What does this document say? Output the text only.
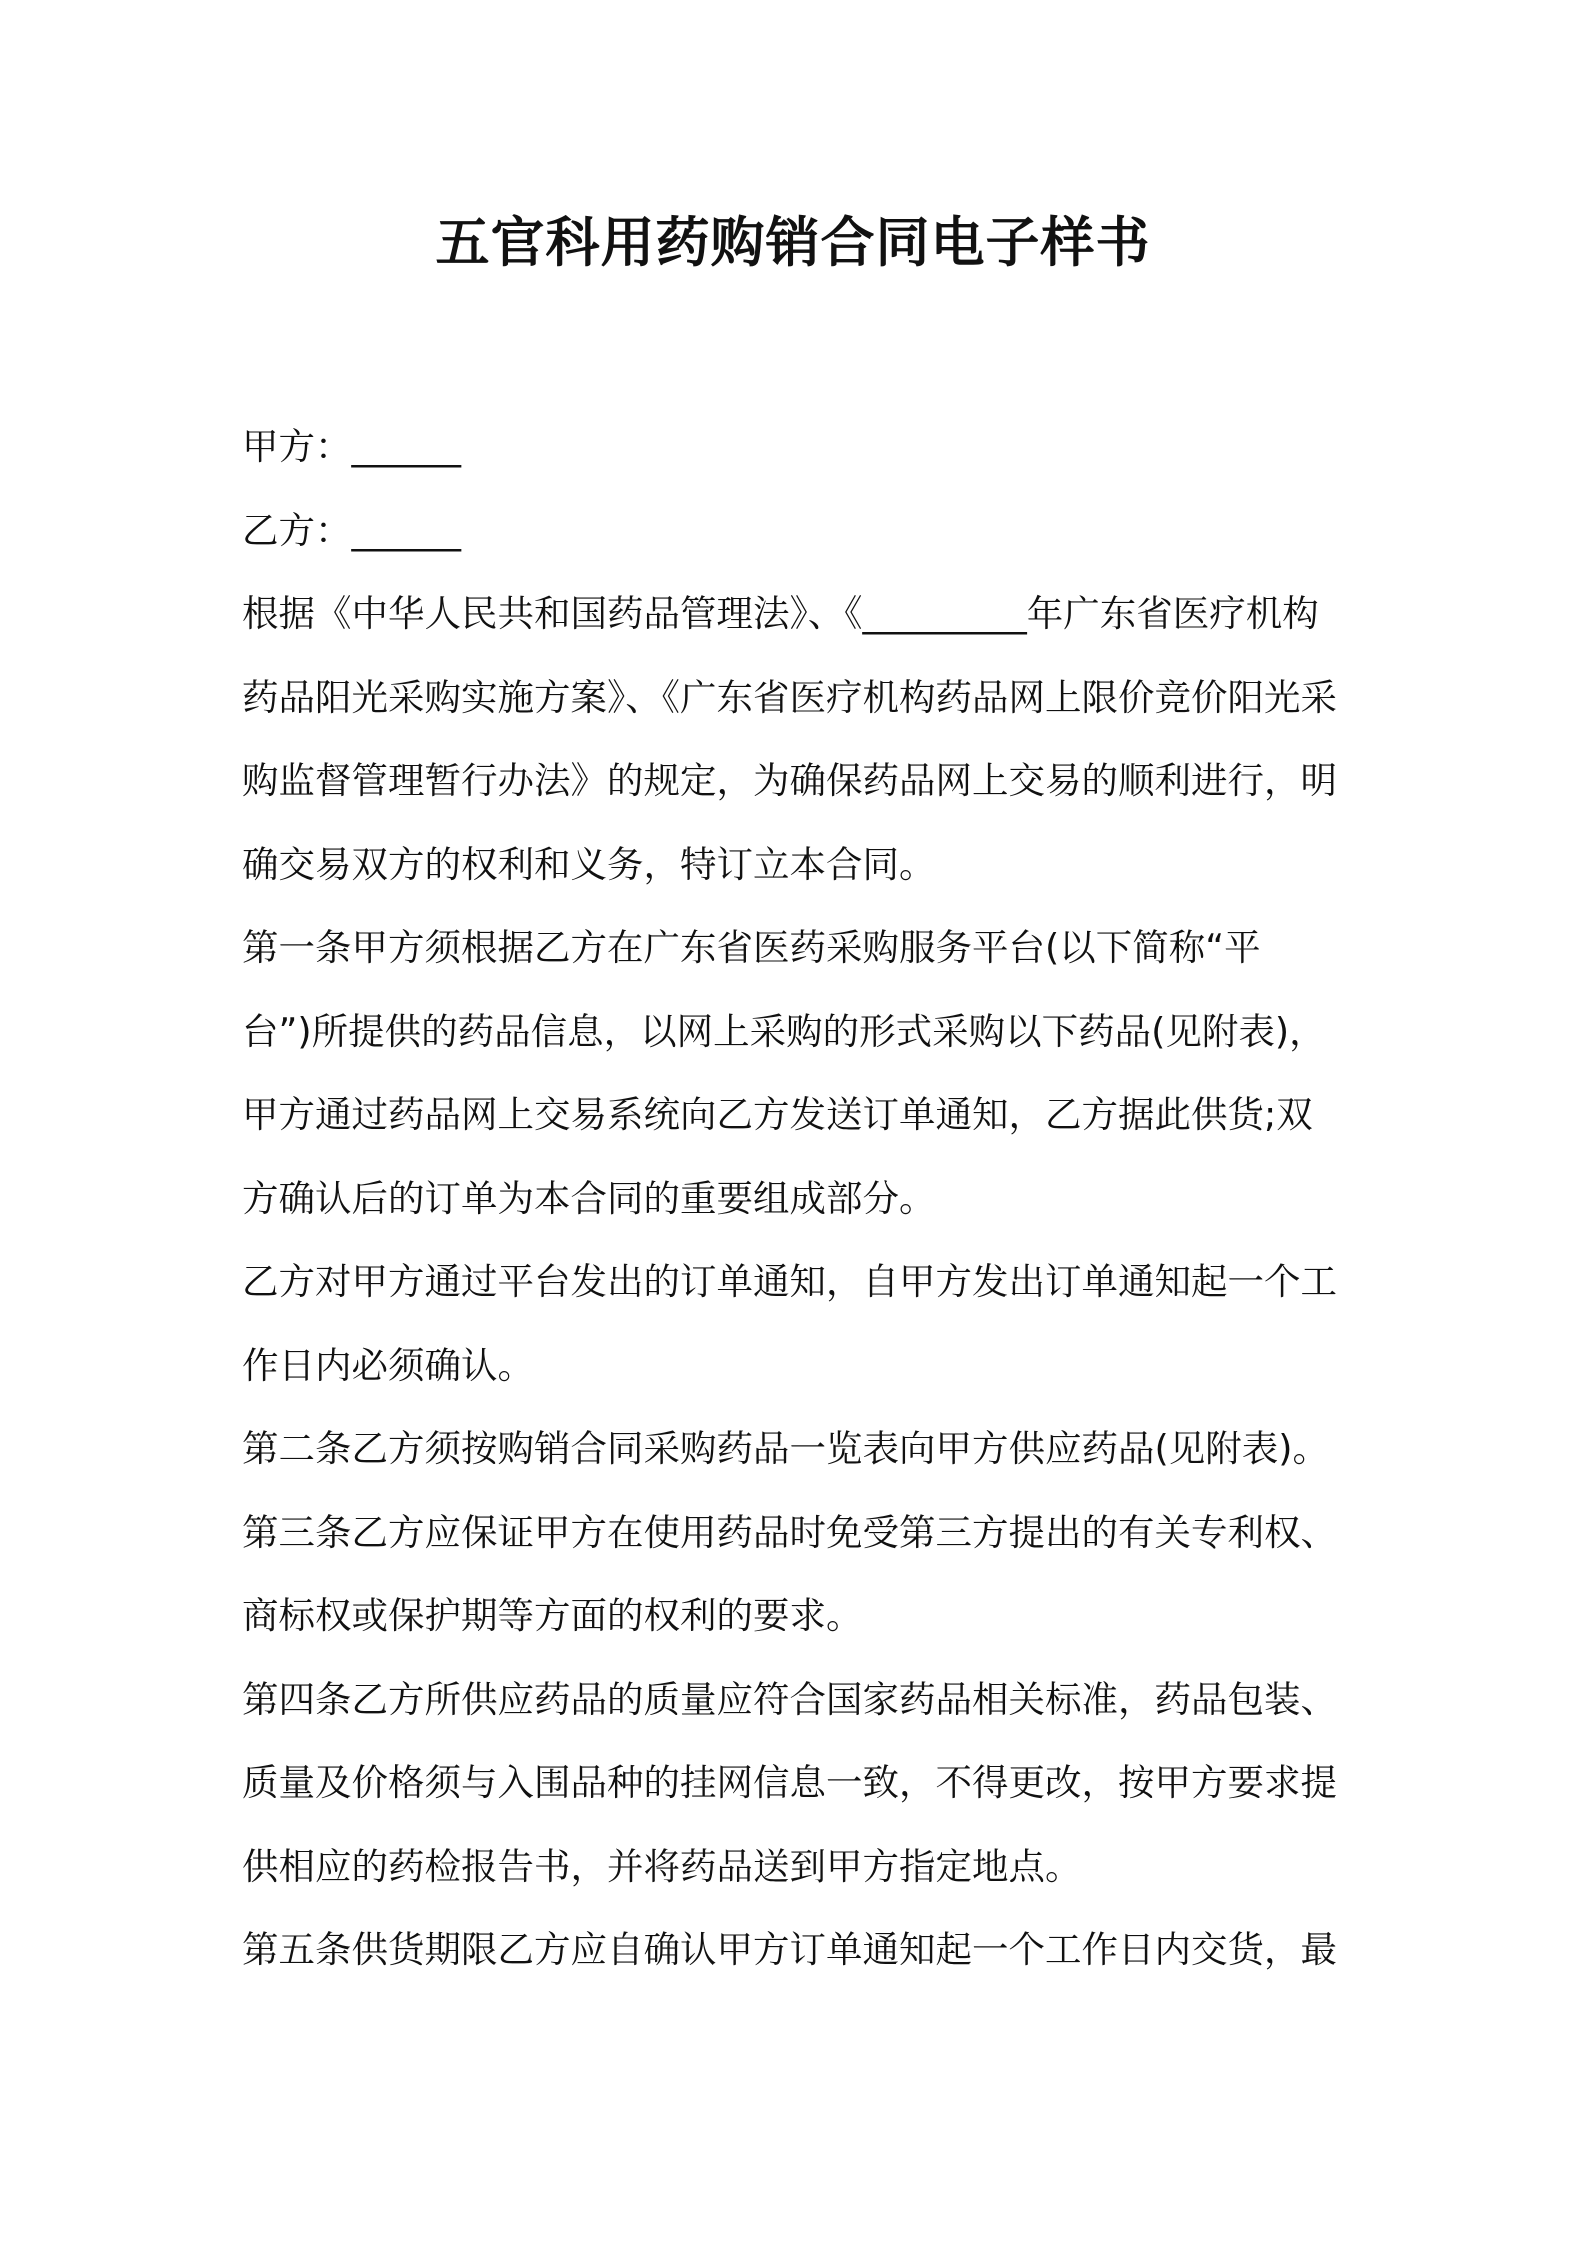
五官科用药购销合同电子样书
甲方：______
乙方：______
根据《中华人民共和国药品管理法》、《_________年广东省医疗机构
药品阳光采购实施方案》、《广东省医疗机构药品网上限价竞价阳光采
购监督管理暂行办法》的规定，为确保药品网上交易的顺利进行，明
确交易双方的权利和义务，特订立本合同。
第一条甲方须根据乙方在广东省医药采购服务平台(以下简称“平
台”)所提供的药品信息，以网上采购的形式采购以下药品(见附表)，
甲方通过药品网上交易系统向乙方发送订单通知，乙方据此供货;双
方确认后的订单为本合同的重要组成部分。
乙方对甲方通过平台发出的订单通知，自甲方发出订单通知起一个工
作日内必须确认。
第二条乙方须按购销合同采购药品一览表向甲方供应药品(见附表)。
第三条乙方应保证甲方在使用药品时免受第三方提出的有关专利权、
商标权或保护期等方面的权利的要求。
第四条乙方所供应药品的质量应符合国家药品相关标准，药品包装、
质量及价格须与入围品种的挂网信息一致，不得更改，按甲方要求提
供相应的药检报告书，并将药品送到甲方指定地点。
第五条供货期限乙方应自确认甲方订单通知起一个工作日内交货，最
